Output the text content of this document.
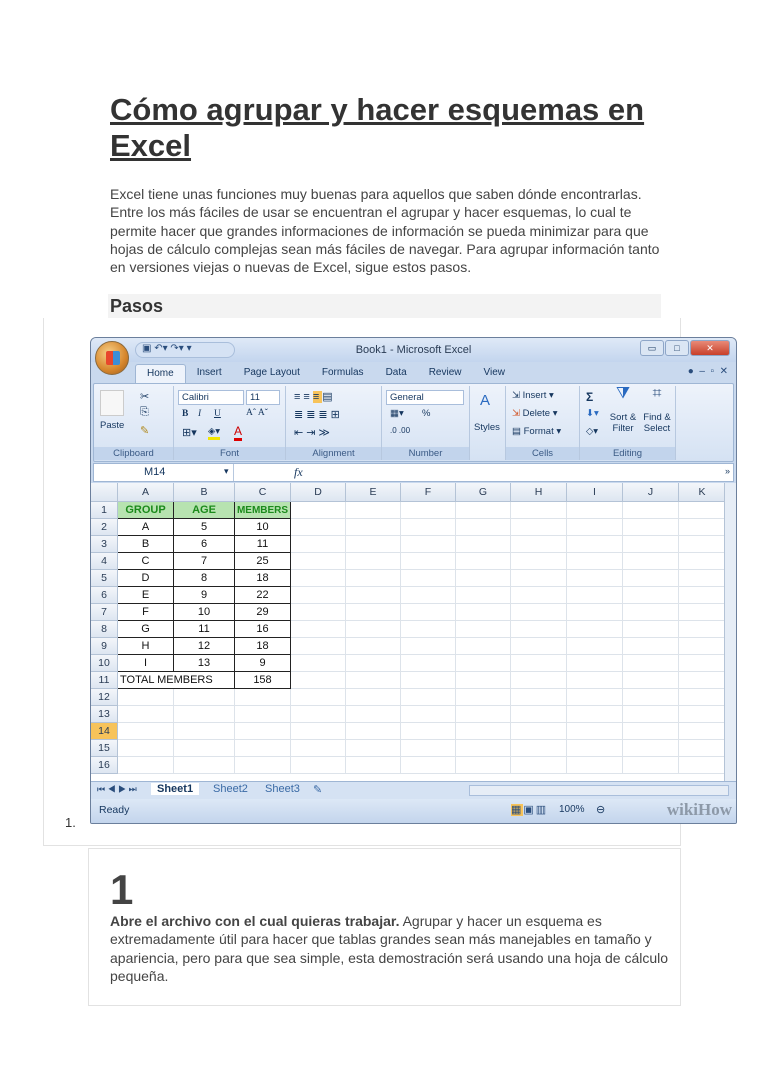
Cómo agrupar y hacer esquemas en Excel
Excel tiene unas funciones muy buenas para aquellos que saben dónde encontrarlas. Entre los más fáciles de usar se encuentran el agrupar y hacer esquemas, lo cual te permite hacer que grandes informaciones de información se pueda minimizar para que hojas de cálculo complejas sean más fáciles de navegar. Para agrupar información tanto en versiones viejas o nuevas de Excel, sigue estos pasos.
Pasos
1.
Book1 - Microsoft Excel	▭	□	✕
▣ ↶▾ ↷▾ ▾
Home	Insert	Page Layout	Formulas	Data	Review	View	●  –  ▫  ✕
Paste
✂
⎘
✎
Clipboard
Calibri	11
B I U	Aˆ Aˇ
⊞▾ ◈▾ A
Font
≡≡≡▤
≣≣≣⊞
⇤⇥≫
Alignment
General
▦▾ %
.0 .00
Number
A
Styles
⇲ Insert ▾
⇲ Delete ▾
▤ Format ▾
Cells
Σ
⬇▾
◇▾
⧩
Sort & Filter
⌗
Find & Select
Editing
M14	▾	fx	»
A	B	C	D	E	F	G	H	I	J	K
1
2
3
4
5
6
7
8
9
10
11
12
13
14
15
16
GROUP	AGE	MEMBERS
A	5	10
B	6	11
C	7	25
D	8	18
E	9	22
F	10	29
G	11	16
H	12	18
I	13	9
TOTAL MEMBERS	158
⏮ ◀ ▶ ⏭	Sheet1	Sheet2	Sheet3	✎
Ready	▦▣▥ 100% ⊖	wikiHow
1
Abre el archivo con el cual quieras trabajar. Agrupar y hacer un esquema es extremadamente útil para hacer que tablas grandes sean más manejables en tamaño y apariencia, pero para que sea simple, esta demostración será usando una hoja de cálculo pequeña.
